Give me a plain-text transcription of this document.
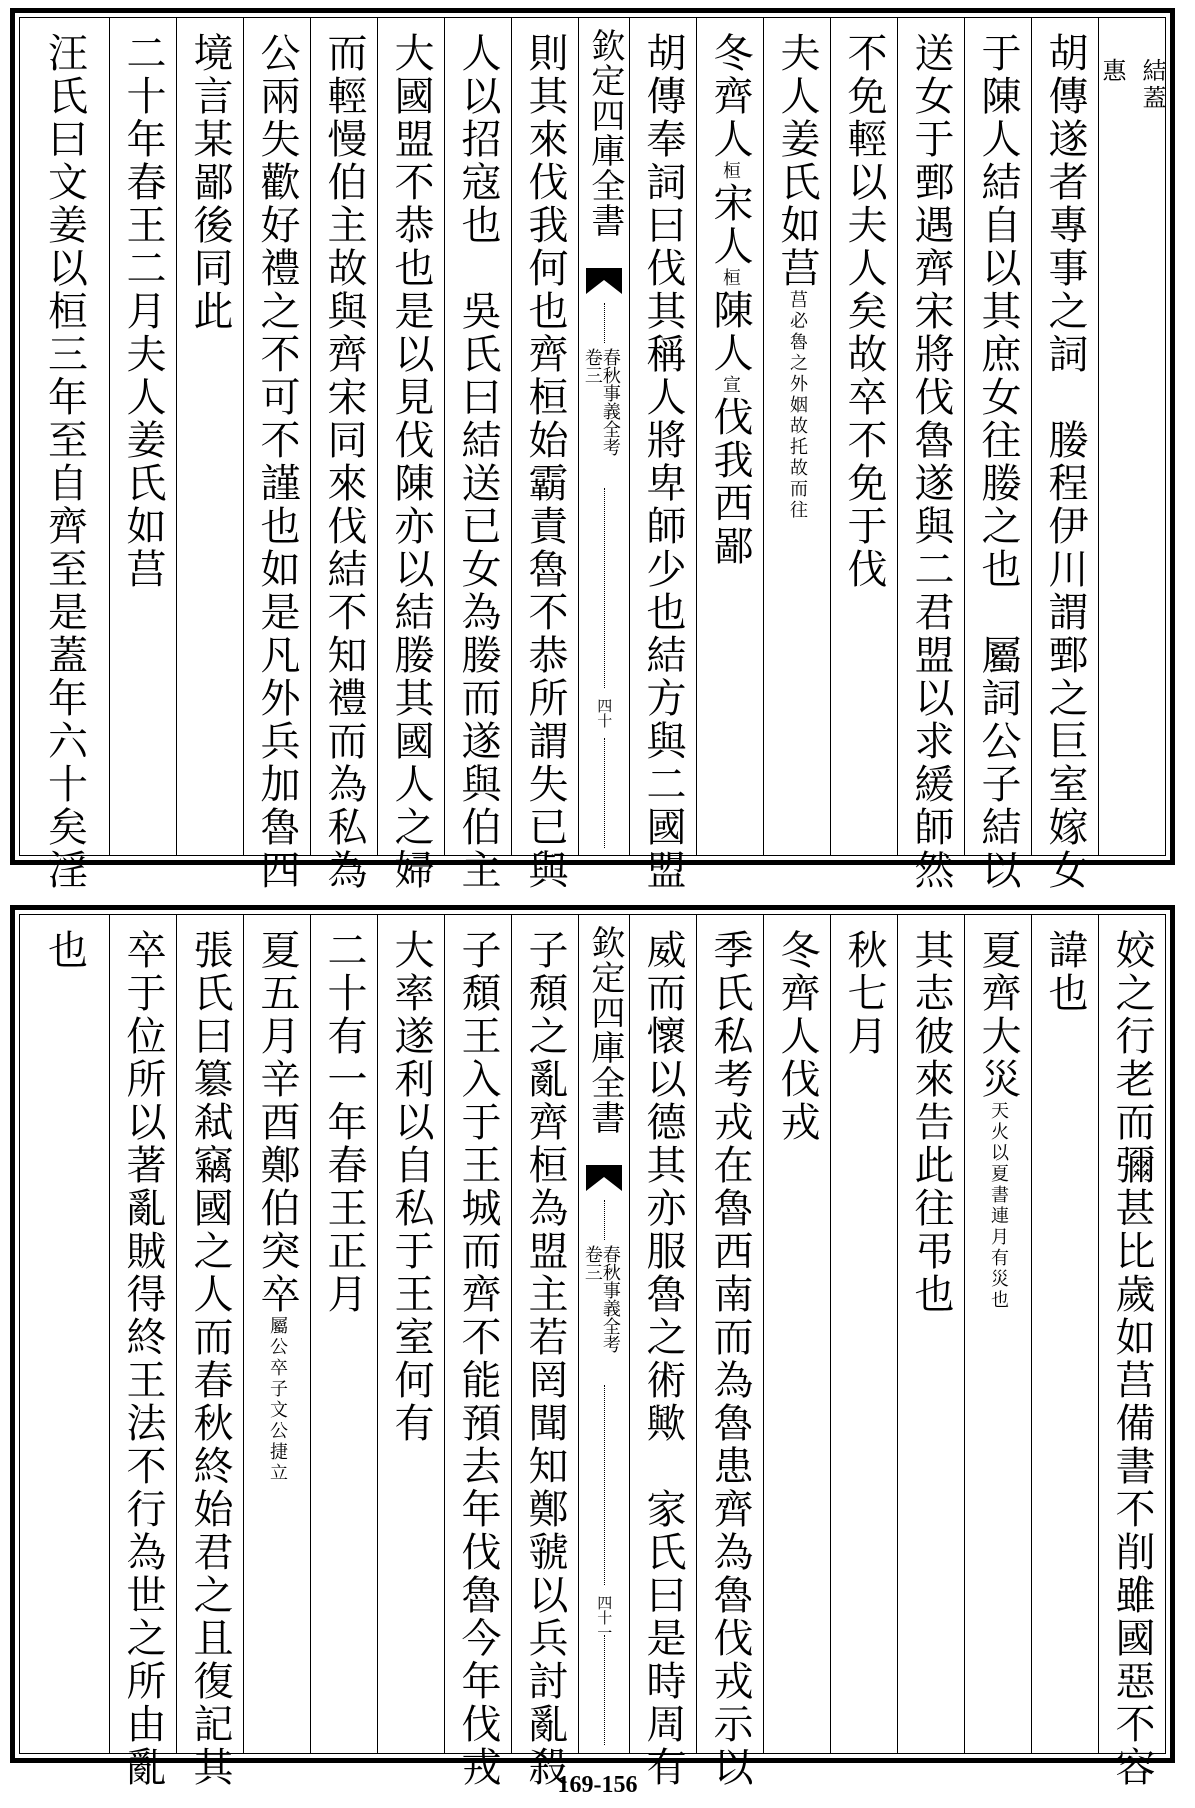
結蓋
惠
胡傳遂者專事之詞　媵程伊川謂鄄之巨室嫁女
于陳人結自以其庶女往媵之也　屬詞公子結以
送女于鄄遇齊宋將伐魯遂與二君盟以求緩師然
不免輕以夫人矣故卒不免于伐
夫人姜氏如莒莒必魯之外姻故托故而往
冬齊人桓宋人桓陳人宣伐我西鄙
胡傳奉詞曰伐其稱人將卑師少也結方與二國盟
欽定四庫全書
春秋事義全考
卷三
四十
則其來伐我何也齊桓始霸責魯不恭所謂失已與
人以招寇也　吳氏曰結送已女為媵而遂與伯主
大國盟不恭也是以見伐陳亦以結媵其國人之婦
而輕慢伯主故與齊宋同來伐結不知禮而為私為
公兩失歡好禮之不可不謹也如是凡外兵加魯四
境言某鄙後同此
二十年春王二月夫人姜氏如莒
汪氏曰文姜以桓三年至自齊至是蓋年六十矣淫
姣之行老而彌甚比歲如莒備書不削雖國惡不容
諱也
夏齊大災天火以夏書連月有災也
其志彼來告此往弔也
秋七月
冬齊人伐戎
季氏私考戎在魯西南而為魯患齊為魯伐戎示以
威而懷以德其亦服魯之術歟　家氏曰是時周有
欽定四庫全書
春秋事義全考
卷三
四十一
子頹之亂齊桓為盟主若罔聞知鄭虢以兵討亂殺
子頹王入于王城而齊不能預去年伐魯今年伐戎
大率遂利以自私于王室何有
二十有一年春王正月
夏五月辛酉鄭伯突卒屬公卒子文公捷立
張氏曰簒弒竊國之人而春秋終始君之且復記其
卒于位所以著亂賊得終王法不行為世之所由亂
也
169-156
